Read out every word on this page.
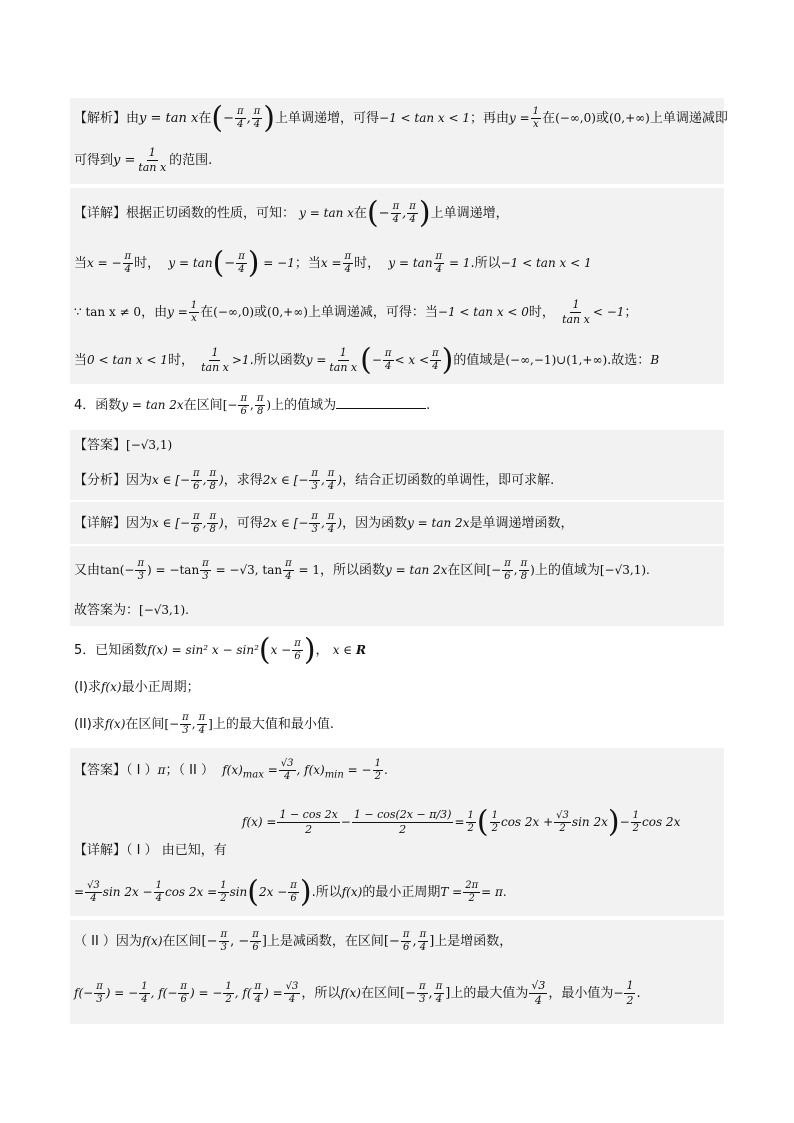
【解析】由y = tan x在(− $\frac{\pi}{4}$ , $\frac{\pi}{4}$ )上单调递增，可得−1 < tan x < 1；再由$y = \frac{1}{x}$ 在(−∞,0)或(0,+∞)上单调递减即
可得到$y = \frac{1}{\text{tan x}}$ 的范围.
【详解】根据正切函数的性质，可知： y = tan x在(− $\frac{\pi}{4}$ , $\frac{\pi}{4}$ )上单调递增，
当x = − $\frac{\pi}{4}$ 时， $y = \tan(- \frac{\pi}{4}$ ) = −1；当$x = \frac{\pi}{4}$ 时， $y = \tan \frac{\pi}{4} = 1$.所以−1 < tan x < 1
∵ tan x ≠ 0，由$y = \frac{1}{x}$ 在(−∞,0)或(0,+∞)上单调递减，可得：当−1 < tan x < 0时， $\frac{1}{\text{tan x}} < -1$；
当0 < tan x < 1时， $\frac{1}{\text{tan x}} >1$.所以函数$y = \frac{1}{\text{tan x}}$ (− $\frac{\pi}{4} < x < \frac{\pi}{4}$ )的值域是(−∞,−1)∪(1,+∞).故选：B
4．函数y = tan 2x在区间[− $\frac{\pi}{6}$ , $\frac{\pi}{8}$ )上的值域为	.
【答案】[−√3,1)
【分析】因为x ∈ [− $\frac{\pi}{6}$ , $\frac{\pi}{8}$ )，求得2x ∈ [− $\frac{\pi}{3}$ , $\frac{\pi}{4}$ )，结合正切函数的单调性，即可求解.
【详解】因为x ∈ [− $\frac{\pi}{6}$ , $\frac{\pi}{8}$ )，可得2x ∈ [− $\frac{\pi}{3}$ , $\frac{\pi}{4}$ )，因为函数y = tan 2x是单调递增函数，
又由$\tan(- \frac{\pi}{3}$ ) = $-\tan \frac{\pi}{3} = -√3$, $\tan \frac{\pi}{4} = 1$，所以函数y = tan 2x在区间[− $\frac{\pi}{6}$ , $\frac{\pi}{8}$ )上的值域为[−√3,1).
故答案为：[−√3,1).
5．已知函数f(x) = sin² $x - \sin^2(x - \frac{\pi}{6}$ )， x ∈ R
(I)求f(x)最小正周期；
(II)求f(x)在区间[− $\frac{\pi}{3}$ , $\frac{\pi}{4}$ ]上的最大值和最小值.
【答案】（ I ）π；（ II ） $f(x)_{max} = \frac{√3}{4}$ , $f(x)_{min}$ = − $\frac{1}{2}$ .
$f(x) = \frac{1 - \cos 2x}{2} - \frac{1 - \cos(2x - \pi/3)}{2} = \frac{1}{2}$ ( $\frac{1}{2}$ $\cos 2x + \frac{√3}{2}$ $\sin 2x)- \frac{1}{2}$ cos 2x
【详解】（ I ） 由已知，有
= $\frac{√3}{4}$ $\sin 2x - \frac{1}{4}$ $\cos 2x = \frac{1}{2} \sin(2x - \frac{\pi}{6}$ ).所以f(x)的最小正周期$T = \frac{2\pi}{2} = \pi$.
（ II ）因为f(x)在区间[− $\frac{\pi}{3}$ , − $\frac{\pi}{6}$ ]上是减函数，在区间[− $\frac{\pi}{6}$ , $\frac{\pi}{4}$ ]上是增函数，
$f(- \frac{\pi}{3}$ ) = − $\frac{1}{4}$ , $f(- \frac{\pi}{6}$ ) = − $\frac{1}{2}$ , $f( \frac{\pi}{4}$ ) = $\frac{√3}{4}$ ，所以f(x)在区间[− $\frac{\pi}{3}$ , $\frac{\pi}{4}$ ]上的最大值为 $\frac{√3}{4}$ ，最小值为− $\frac{1}{2}$ .
